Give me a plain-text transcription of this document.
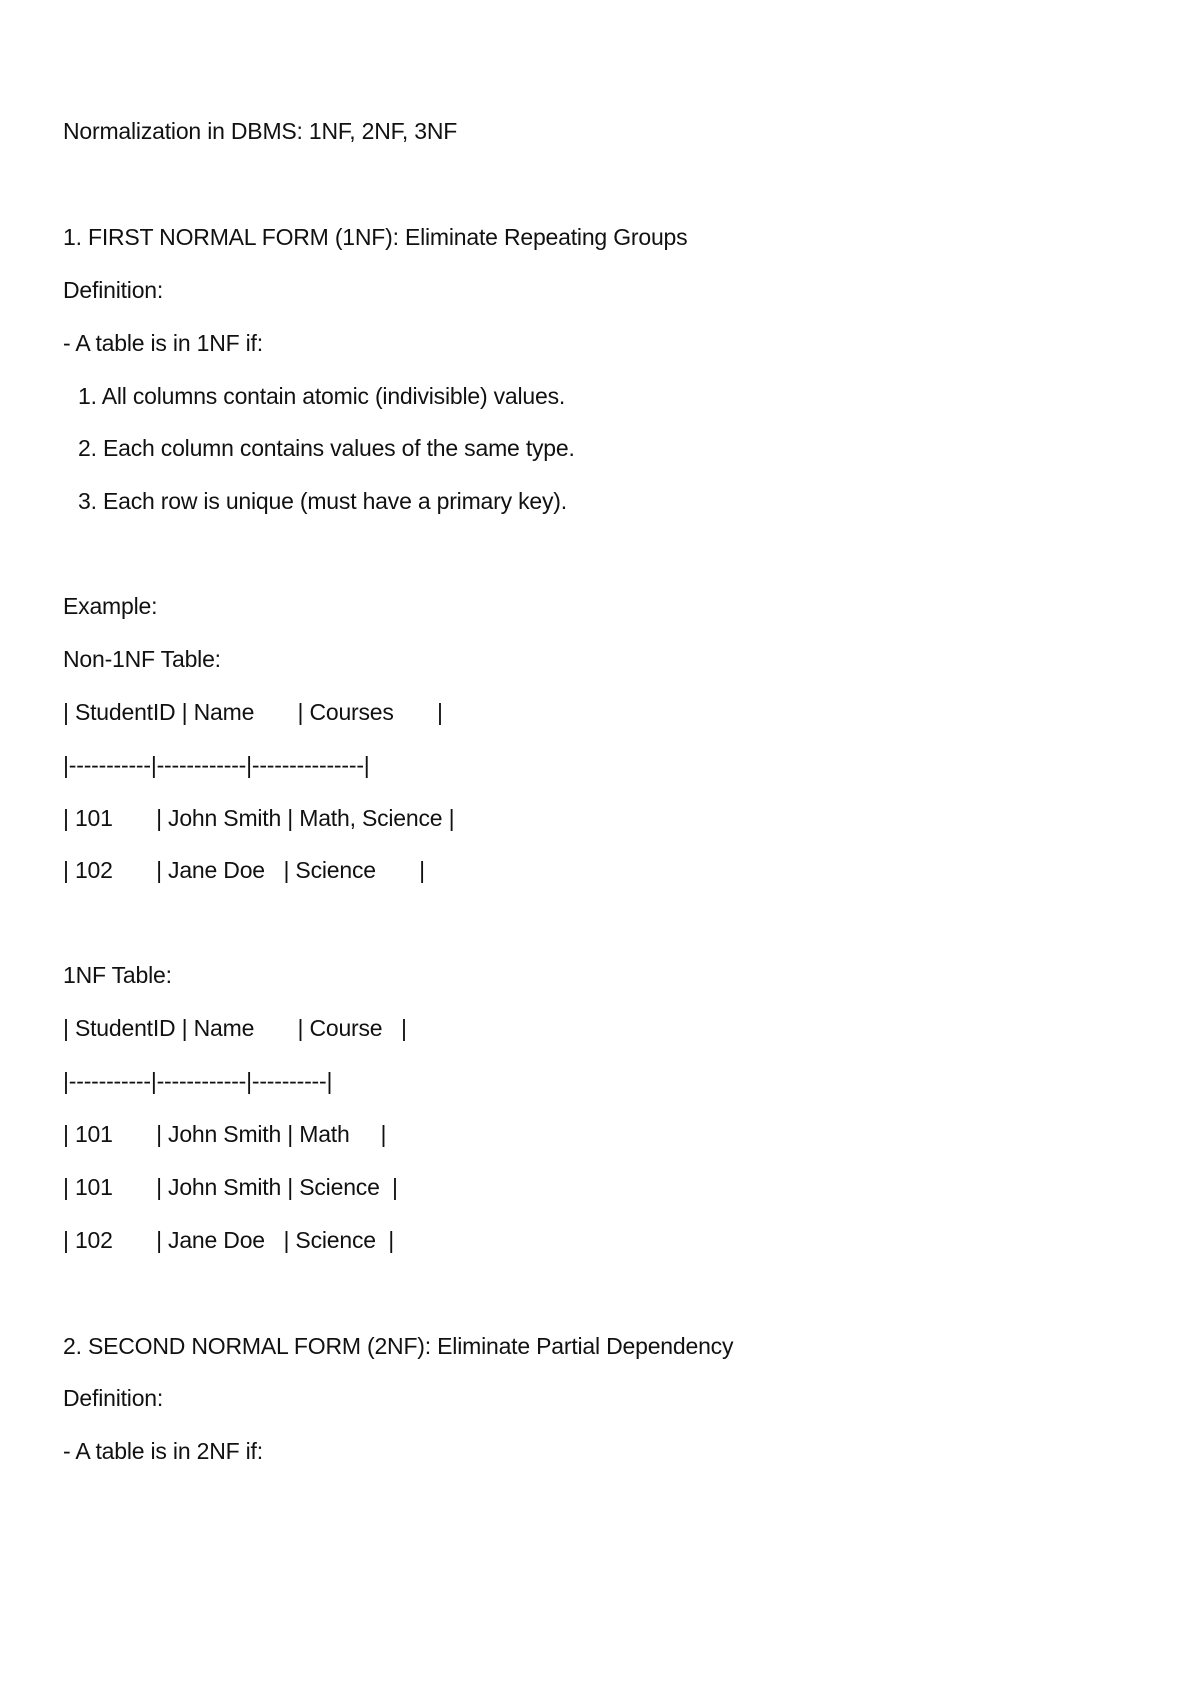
Normalization in DBMS: 1NF, 2NF, 3NF
1. FIRST NORMAL FORM (1NF): Eliminate Repeating Groups
Definition:
- A table is in 1NF if:
1. All columns contain atomic (indivisible) values.
2. Each column contains values of the same type.
3. Each row is unique (must have a primary key).
Example:
Non-1NF Table:
| StudentID | Name       | Courses       |
|-----------|------------|---------------|
| 101       | John Smith | Math, Science |
| 102       | Jane Doe   | Science       |
1NF Table:
| StudentID | Name       | Course   |
|-----------|------------|----------|
| 101       | John Smith | Math     |
| 101       | John Smith | Science  |
| 102       | Jane Doe   | Science  |
2. SECOND NORMAL FORM (2NF): Eliminate Partial Dependency
Definition:
- A table is in 2NF if:
